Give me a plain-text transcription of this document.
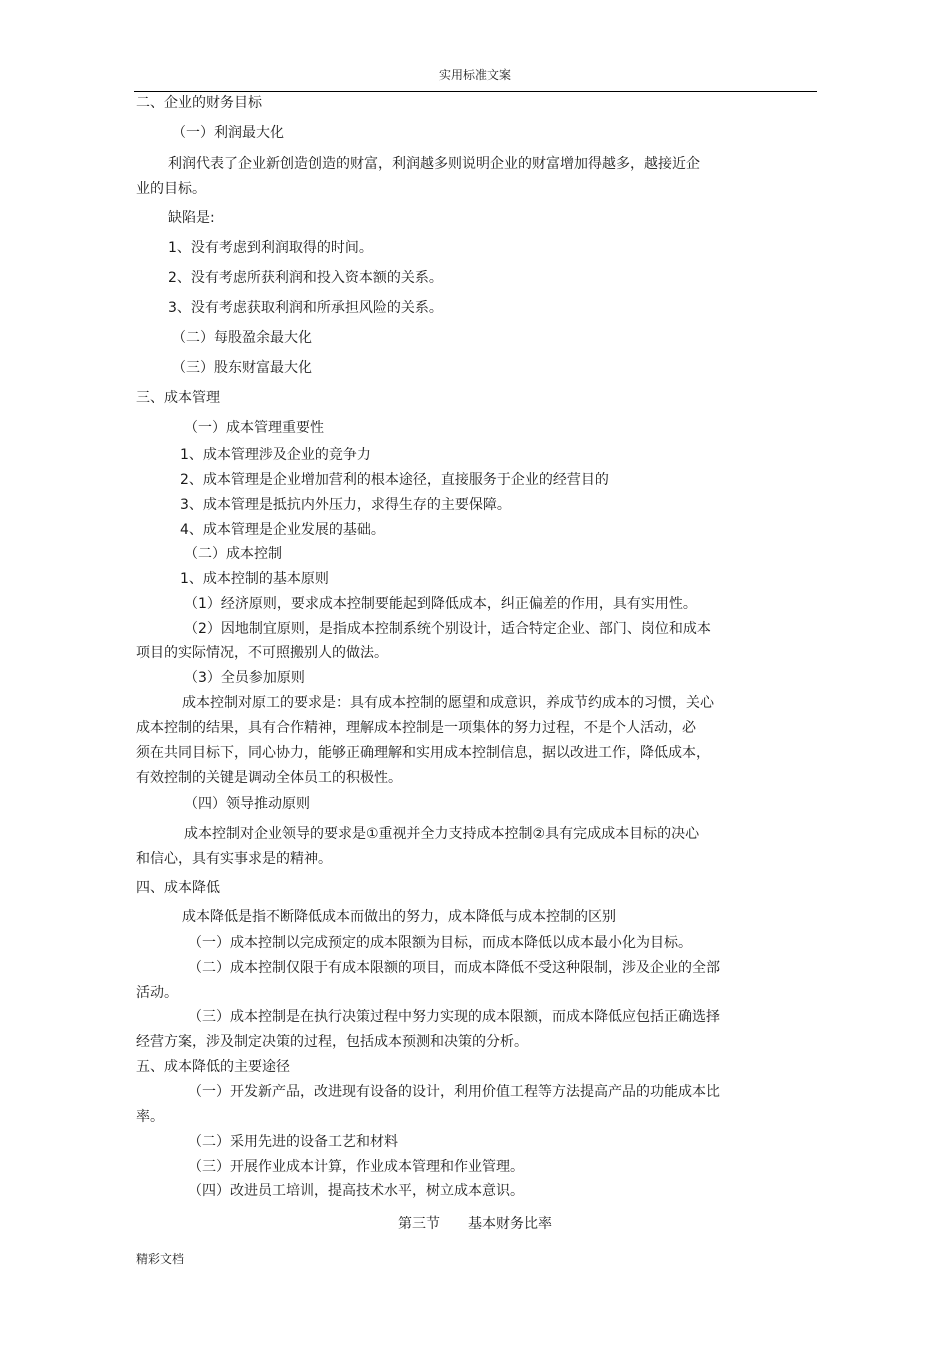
实用标准文案
二、企业的财务目标
（一）利润最大化
利润代表了企业新创造创造的财富，利润越多则说明企业的财富增加得越多，越接近企
业的目标。
缺陷是:
1、没有考虑到利润取得的时间。
2、没有考虑所获利润和投入资本额的关系。
3、没有考虑获取利润和所承担风险的关系。
（二）每股盈余最大化
（三）股东财富最大化
三、成本管理
（一）成本管理重要性
1、成本管理涉及企业的竞争力
2、成本管理是企业增加营利的根本途径，直接服务于企业的经营目的
3、成本管理是抵抗内外压力，求得生存的主要保障。
4、成本管理是企业发展的基础。
（二）成本控制
1、成本控制的基本原则
（1）经济原则，要求成本控制要能起到降低成本，纠正偏差的作用，具有实用性。
（2）因地制宜原则，是指成本控制系统个别设计，适合特定企业、部门、岗位和成本
项目的实际情况，不可照搬别人的做法。
（3）全员参加原则
成本控制对原工的要求是：具有成本控制的愿望和成意识，养成节约成本的习惯，关心
成本控制的结果，具有合作精神，理解成本控制是一项集体的努力过程，不是个人活动，必
须在共同目标下，同心协力，能够正确理解和实用成本控制信息，据以改进工作，降低成本，
有效控制的关键是调动全体员工的积极性。
（四）领导推动原则
成本控制对企业领导的要求是①重视并全力支持成本控制②具有完成成本目标的决心
和信心，具有实事求是的精神。
四、成本降低
成本降低是指不断降低成本而做出的努力，成本降低与成本控制的区别
（一）成本控制以完成预定的成本限额为目标，而成本降低以成本最小化为目标。
（二）成本控制仅限于有成本限额的项目，而成本降低不受这种限制，涉及企业的全部
活动。
（三）成本控制是在执行决策过程中努力实现的成本限额，而成本降低应包括正确选择
经营方案，涉及制定决策的过程，包括成本预测和决策的分析。
五、成本降低的主要途径
（一）开发新产品，改进现有设备的设计，利用价值工程等方法提高产品的功能成本比
率。
（二）采用先进的设备工艺和材料
（三）开展作业成本计算，作业成本管理和作业管理。
（四）改进员工培训，提高技术水平，树立成本意识。
第三节　　基本财务比率
精彩文档
